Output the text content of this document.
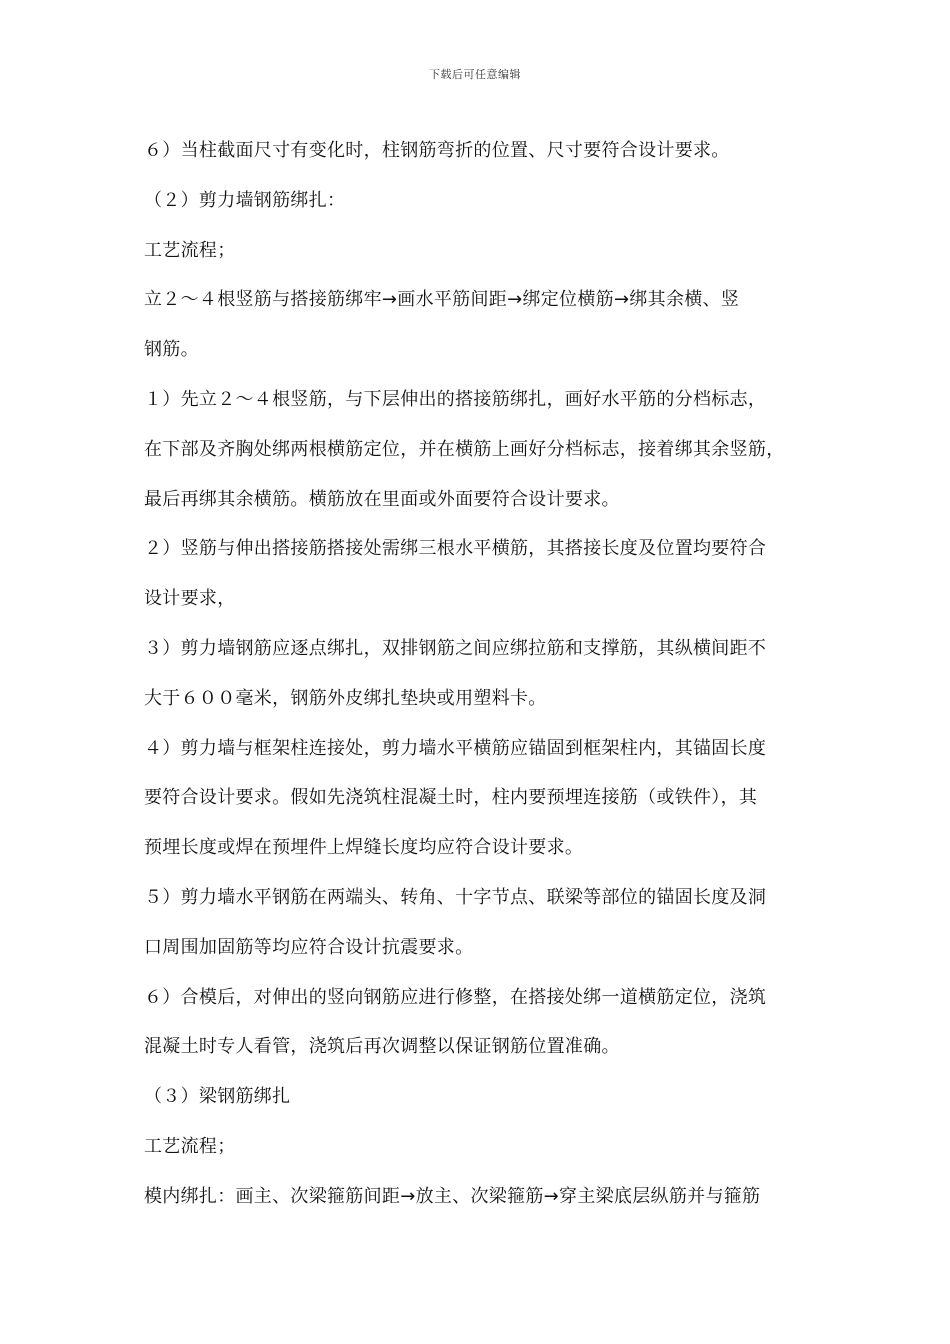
下载后可任意编辑
６）当柱截面尺寸有变化时，柱钢筋弯折的位置、尺寸要符合设计要求。
（２）剪力墙钢筋绑扎：
工艺流程；
立２～４根竖筋与搭接筋绑牢→画水平筋间距→绑定位横筋→绑其余横、竖
钢筋。
１）先立２～４根竖筋，与下层伸出的搭接筋绑扎，画好水平筋的分档标志，
在下部及齐胸处绑两根横筋定位，并在横筋上画好分档标志，接着绑其余竖筋，
最后再绑其余横筋。横筋放在里面或外面要符合设计要求。
２）竖筋与伸出搭接筋搭接处需绑三根水平横筋，其搭接长度及位置均要符合
设计要求，
３）剪力墙钢筋应逐点绑扎，双排钢筋之间应绑拉筋和支撑筋，其纵横间距不
大于６００毫米，钢筋外皮绑扎垫块或用塑料卡。
４）剪力墙与框架柱连接处，剪力墙水平横筋应锚固到框架柱内，其锚固长度
要符合设计要求。假如先浇筑柱混凝土时，柱内要预埋连接筋（或铁件），其
预埋长度或焊在预埋件上焊缝长度均应符合设计要求。
５）剪力墙水平钢筋在两端头、转角、十字节点、联梁等部位的锚固长度及洞
口周围加固筋等均应符合设计抗震要求。
６）合模后，对伸出的竖向钢筋应进行修整，在搭接处绑一道横筋定位，浇筑
混凝土时专人看管，浇筑后再次调整以保证钢筋位置准确。
（３）梁钢筋绑扎
工艺流程；
模内绑扎：画主、次梁箍筋间距→放主、次梁箍筋→穿主梁底层纵筋并与箍筋
